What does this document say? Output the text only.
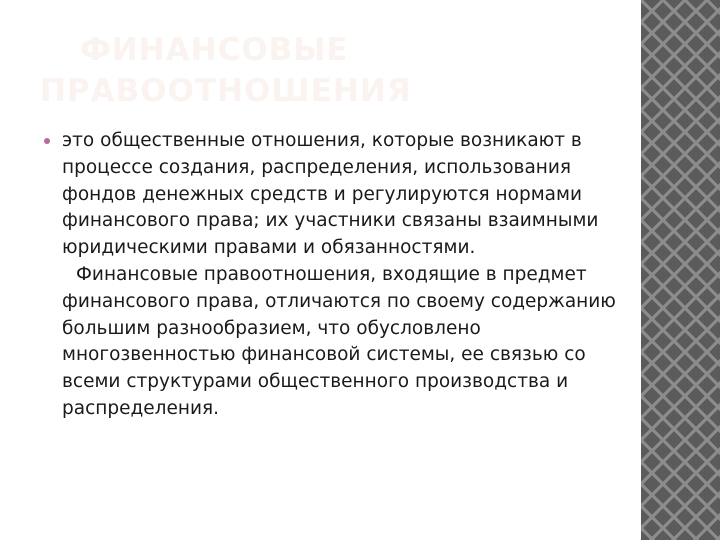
ФИНАНСОВЫЕ
ПРАВООТНОШЕНИЯ

это общественные отношения, которые возникают в процессе создания, распределения, использования фондов денежных средств и регулируются нормами финансового права; их участники связаны взаимными юридическими правами и обязанностями.

Финансовые правоотношения, входящие в предмет финансового права, отличаются по своему содержанию большим разнообразием, что обусловлено многозвенностью финансовой системы, ее связью со всеми структурами общественного производства и распределения.
